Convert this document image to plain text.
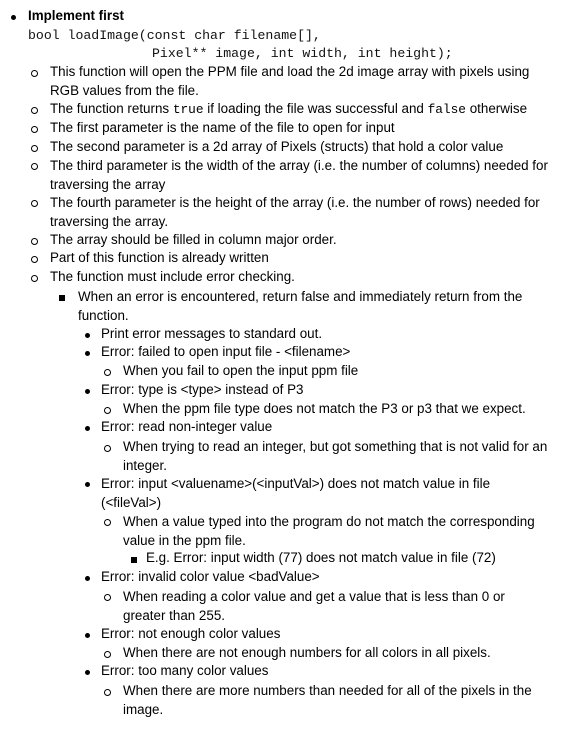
Implement first
bool loadImage(const char filename[],
Pixel** image, int width, int height);
This function will open the PPM file and load the 2d image array with pixels using RGB values from the file.
The function returns true if loading the file was successful and false otherwise
The first parameter is the name of the file to open for input
The second parameter is a 2d array of Pixels (structs) that hold a color value
The third parameter is the width of the array (i.e. the number of columns) needed for traversing the array
The fourth parameter is the height of the array (i.e. the number of rows) needed for traversing the array.
The array should be filled in column major order.
Part of this function is already written
The function must include error checking.
When an error is encountered, return false and immediately return from the function.
Print error messages to standard out.
Error: failed to open input file - <filename>
When you fail to open the input ppm file
Error: type is <type> instead of P3
When the ppm file type does not match the P3 or p3 that we expect.
Error: read non-integer value
When trying to read an integer, but got something that is not valid for an integer.
Error: input <valuename>(<inputVal>) does not match value in file (<fileVal>)
When a value typed into the program do not match the corresponding value in the ppm file.
E.g. Error: input width (77) does not match value in file (72)
Error: invalid color value <badValue>
When reading a color value and get a value that is less than 0 or greater than 255.
Error: not enough color values
When there are not enough numbers for all colors in all pixels.
Error: too many color values
When there are more numbers than needed for all of the pixels in the image.
